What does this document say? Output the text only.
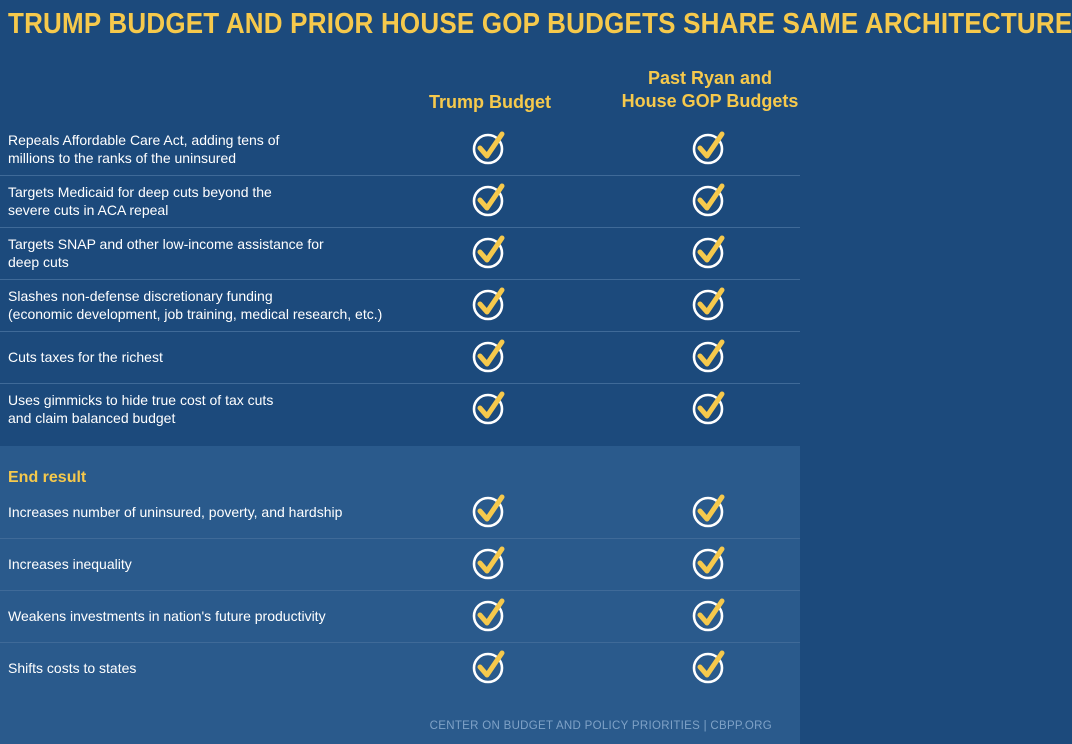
TRUMP BUDGET AND PRIOR HOUSE GOP BUDGETS SHARE SAME ARCHITECTURE
Trump Budget
Past Ryan and
House GOP Budgets
Repeals Affordable Care Act, adding tens of
millions to the ranks of the uninsured
Targets Medicaid for deep cuts beyond the
severe cuts in ACA repeal
Targets SNAP and other low-income assistance for
deep cuts
Slashes non-defense discretionary funding
(economic development, job training, medical research, etc.)
Cuts taxes for the richest
Uses gimmicks to hide true cost of tax cuts
and claim balanced budget
End result
Increases number of uninsured, poverty, and hardship
Increases inequality
Weakens investments in nation's future productivity
Shifts costs to states
CENTER ON BUDGET AND POLICY PRIORITIES | CBPP.ORG
